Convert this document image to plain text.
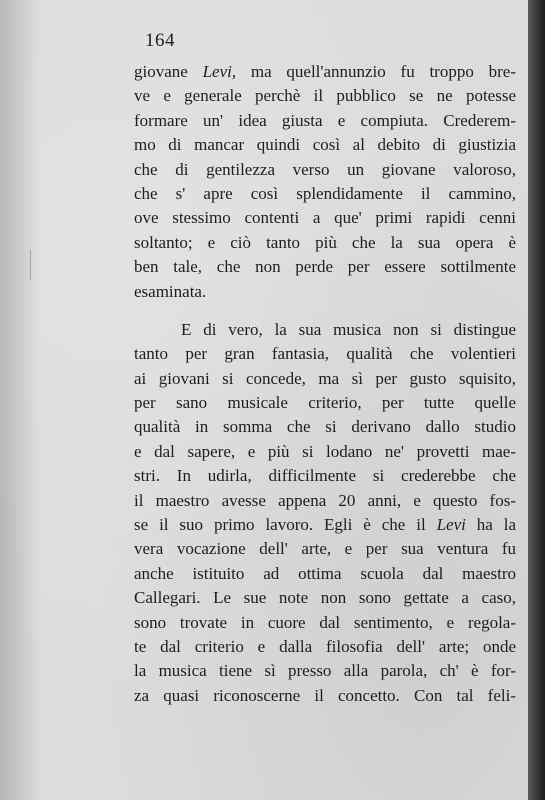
164
giovane Levi, ma quell'annunzio fu troppo bre-
ve e generale perchè il pubblico se ne potesse
formare un' idea giusta e compiuta. Crederem-
mo di mancar quindi così al debito di giustizia
che di gentilezza verso un giovane valoroso,
che s' apre così splendidamente il cammino,
ove stessimo contenti a que' primi rapidi cenni
soltanto; e ciò tanto più che la sua opera è
ben tale, che non perde per essere sottilmente
esaminata.
E di vero, la sua musica non si distingue
tanto per gran fantasia, qualità che volentieri
ai giovani si concede, ma sì per gusto squisito,
per sano musicale criterio, per tutte quelle
qualità in somma che si derivano dallo studio
e dal sapere, e più si lodano ne' provetti mae-
stri. In udirla, difficilmente si crederebbe che
il maestro avesse appena 20 anni, e questo fos-
se il suo primo lavoro. Egli è che il Levi ha la
vera vocazione dell' arte, e per sua ventura fu
anche istituito ad ottima scuola dal maestro
Callegari. Le sue note non sono gettate a caso,
sono trovate in cuore dal sentimento, e regola-
te dal criterio e dalla filosofia dell' arte; onde
la musica tiene sì presso alla parola, ch' è for-
za quasi riconoscerne il concetto. Con tal feli-
